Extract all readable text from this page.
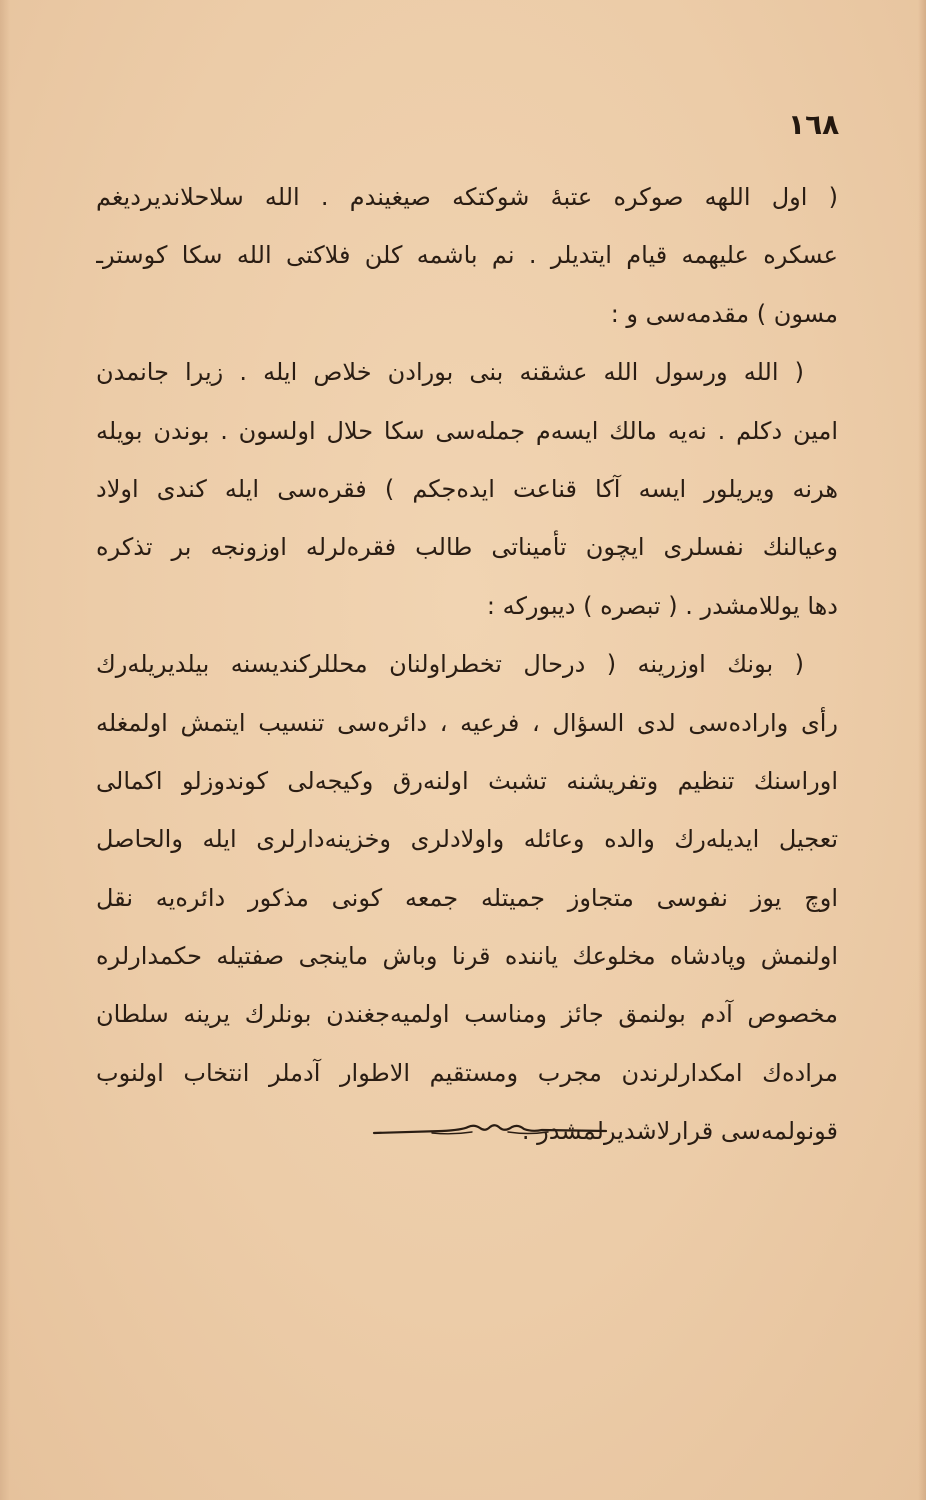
١٦٨
( اول اللهه صوکره عتبهٔ شوکتکه صیغیندم . الله سلاحلاندیردیغم
عسکره علیهمه قیام ایتدیلر . نم باشمه کلن فلاکتی الله سکا کوسترـ
مسون ) مقدمه‌سی و :
( الله ورسول الله عشقنه بنی بورادن خلاص ایله . زیرا جانمدن
امین دکلم . نه‌یه مالك ایسه‌م جمله‌سی سکا حلال اولسون . بوندن بویله
هرنه ویریلور ایسه آکا قناعت ایده‌جکم ) فقره‌سی ایله کندی اولاد
وعیالنك نفسلری ایچون تأمیناتی طالب فقره‌لرله اوزونجه بر تذکره
دها یوللامشدر . ( تبصره ) دیبورکه :
( بونك اوزرینه ( درحال تخطراولنان محللرکندیسنه بیلدیریله‌رك
رأی واراده‌سی لدی السؤال ، فرعیه ، دائره‌سی تنسیب ایتمش اولمغله
اوراسنك تنظیم وتفریشنه تشبث اولنه‌رق وکیجه‌لی کوندوزلو اکمالی
تعجیل ایدیله‌رك والده وعائله واولادلری وخزینه‌دارلری ایله والحاصل
اوچ یوز نفوسی متجاوز جمیتله جمعه کونی مذکور دائره‌یه نقل
اولنمش وپادشاه مخلوعك یاننده قرنا وباش ماینجی صفتیله حکمدارلره
مخصوص آدم بولنمق جائز ومناسب اولمیه‌جغندن بونلرك یرینه سلطان
مراده‌ك امکدارلرندن مجرب ومستقیم الاطوار آدملر انتخاب اولنوب
قونولمه‌سی قرارلاشدیرلمشدر .
